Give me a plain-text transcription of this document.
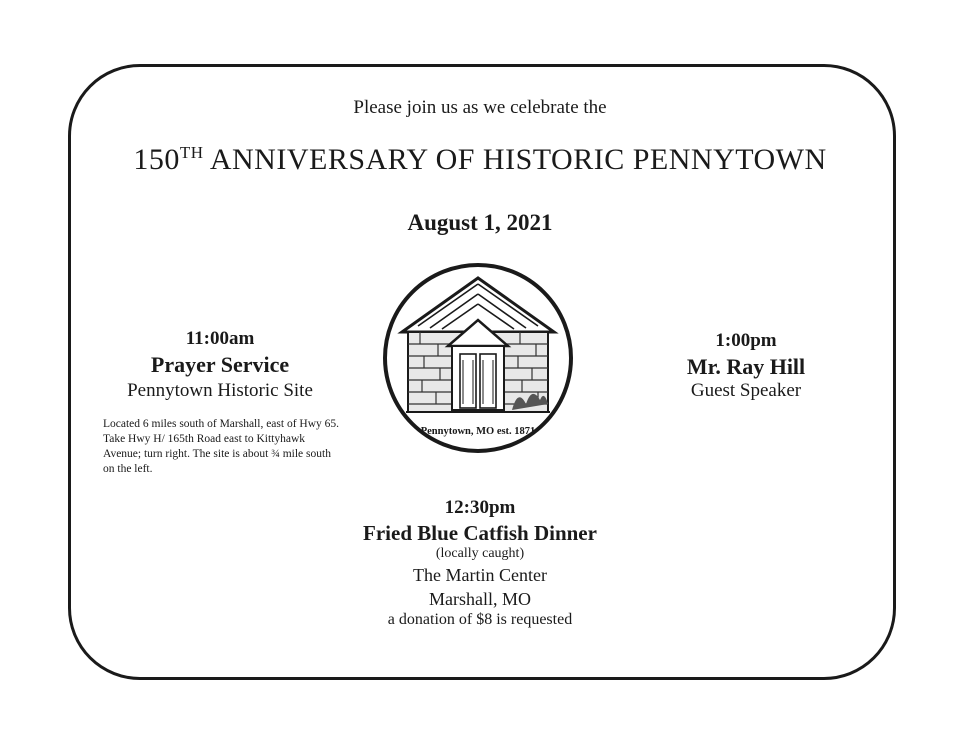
Please join us as we celebrate the
150TH ANNIVERSARY OF HISTORIC PENNYTOWN
August 1, 2021
11:00am
Prayer Service
Pennytown Historic Site
Located 6 miles south of Marshall, east of Hwy 65. Take Hwy H/ 165th Road east to Kittyhawk Avenue; turn right. The site is about ¾ mile south on the left.
1:00pm
Mr. Ray Hill
Guest Speaker
Pennytown, MO est. 1871
12:30pm
Fried Blue Catfish Dinner
(locally caught)
The Martin Center
Marshall, MO
a donation of $8 is requested
